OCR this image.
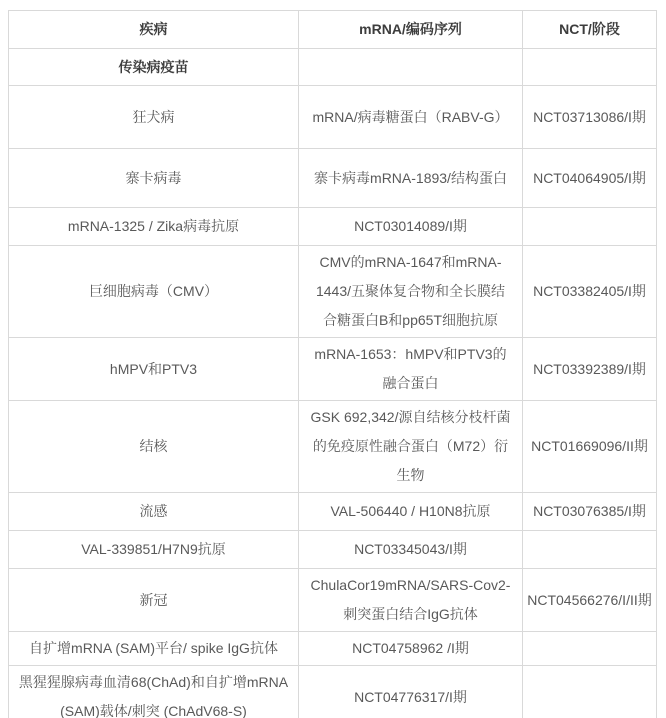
疾病	mRNA/编码序列	NCT/阶段
传染病疫苗		
狂犬病	mRNA/病毒糖蛋白（RABV-G）	NCT03713086/I期
寨卡病毒	寨卡病毒mRNA-1893/结构蛋白	NCT04064905/I期
mRNA-1325 / Zika病毒抗原	NCT03014089/I期	
巨细胞病毒（CMV）	CMV的mRNA-1647和mRNA-1443/五聚体复合物和全长膜结合糖蛋白B和pp65T细胞抗原	NCT03382405/I期
hMPV和PTV3	mRNA-1653：hMPV和PTV3的融合蛋白	NCT03392389/I期
结核	GSK 692,342/源自结核分枝杆菌的免疫原性融合蛋白（M72）衍生物	NCT01669096/II期
流感	VAL-506440 / H10N8抗原	NCT03076385/I期
VAL-339851/H7N9抗原	NCT03345043/I期	
新冠	ChulaCor19mRNA/SARS-Cov2-刺突蛋白结合IgG抗体	NCT04566276/I/II期
自扩增mRNA (SAM)平台/ spike IgG抗体	NCT04758962 /I期	
黑猩猩腺病毒血清68(ChAd)和自扩增mRNA (SAM)载体/刺突 (ChAdV68-S)	NCT04776317/I期	
